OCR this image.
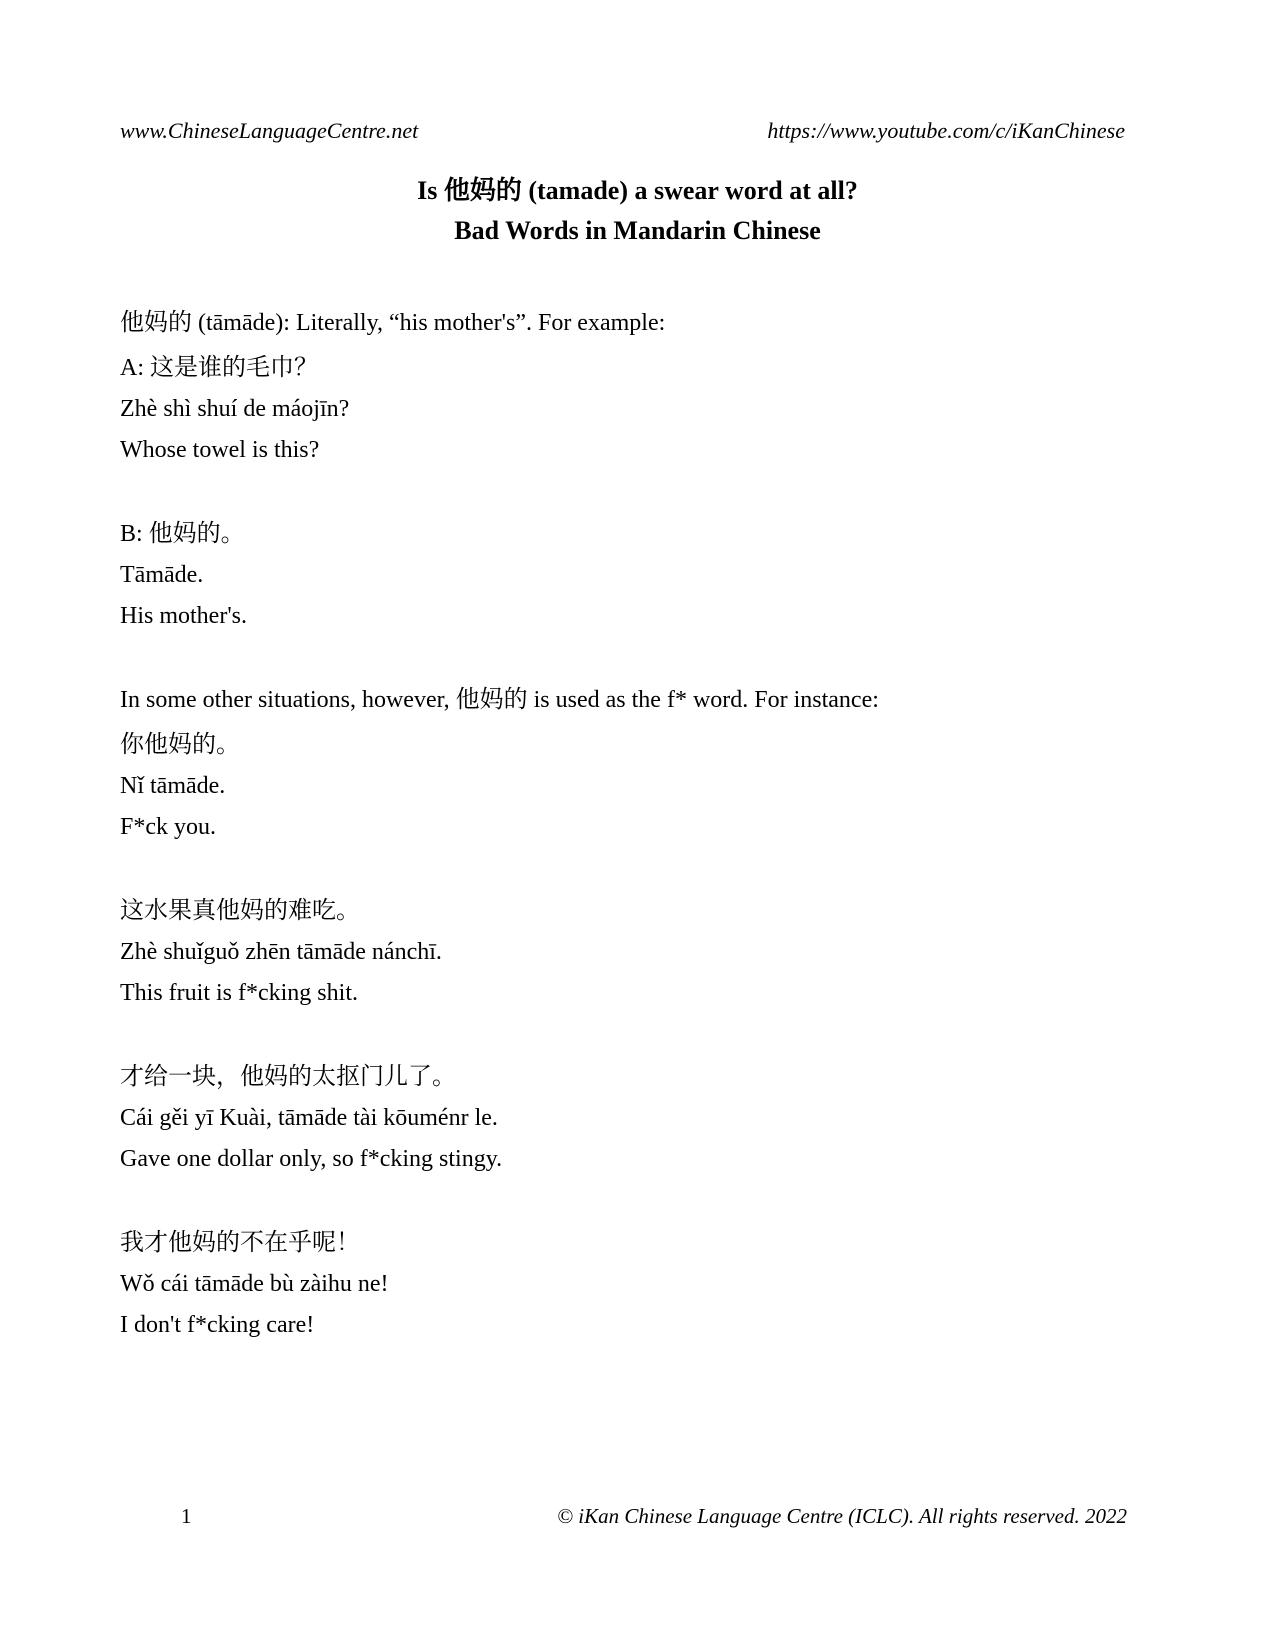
www.ChineseLanguageCentre.net	https://www.youtube.com/c/iKanChinese
Is 他妈的 (tamade) a swear word at all?
Bad Words in Mandarin Chinese

他妈的 (tāmāde): Literally, “his mother's”. For example:

A: 这是谁的毛巾？

Zhè shì shuí de máojīn?

Whose towel is this?

B: 他妈的。

Tāmāde.

His mother's.

In some other situations, however, 他妈的 is used as the f* word. For instance:

你他妈的。

Nǐ tāmāde.

F*ck you.

这水果真他妈的难吃。

Zhè shuǐguǒ zhēn tāmāde nánchī.

This fruit is f*cking shit.

才给一块，他妈的太抠门儿了。

Cái gěi yī Kuài, tāmāde tài kōuménr le.

Gave one dollar only, so f*cking stingy.

我才他妈的不在乎呢！

Wǒ cái tāmāde bù zàihu ne!

I don't f*cking care!

1	© iKan Chinese Language Centre (ICLC). All rights reserved. 2022
